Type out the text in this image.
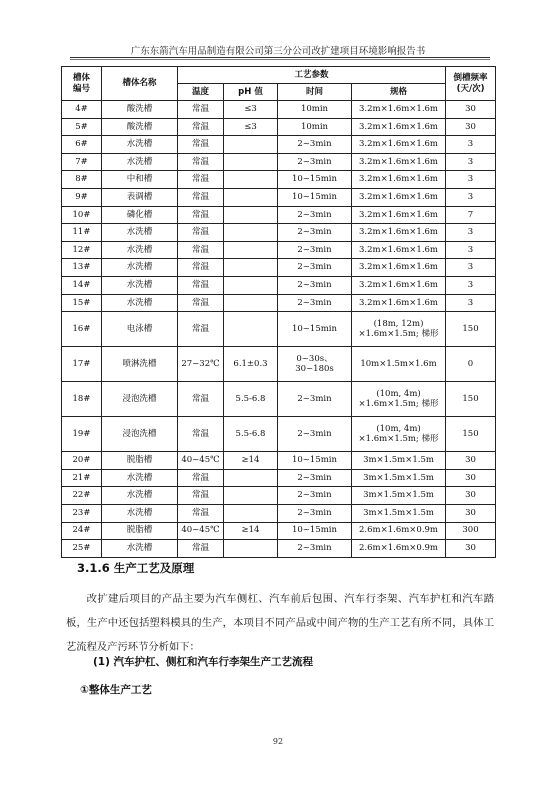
广东东箭汽车用品制造有限公司第三分公司改扩建项目环境影响报告书
槽体
编号	槽体名称	工艺参数				倒槽频率
(天/次)
		温度	pH 值	时间	规格	
4#	酸洗槽	常温	≤3	10min	3.2m×1.6m×1.6m	30
5#	酸洗槽	常温	≤3	10min	3.2m×1.6m×1.6m	30
6#	水洗槽	常温		2~3min	3.2m×1.6m×1.6m	3
7#	水洗槽	常温		2~3min	3.2m×1.6m×1.6m	3
8#	中和槽	常温		10~15min	3.2m×1.6m×1.6m	3
9#	表调槽	常温		10~15min	3.2m×1.6m×1.6m	3
10#	磷化槽	常温		2~3min	3.2m×1.6m×1.6m	7
11#	水洗槽	常温		2~3min	3.2m×1.6m×1.6m	3
12#	水洗槽	常温		2~3min	3.2m×1.6m×1.6m	3
13#	水洗槽	常温		2~3min	3.2m×1.6m×1.6m	3
14#	水洗槽	常温		2~3min	3.2m×1.6m×1.6m	3
15#	水洗槽	常温		2~3min	3.2m×1.6m×1.6m	3
16#	电泳槽	常温		10~15min	(18m, 12m)
×1.6m×1.5m; 梯形	150
17#	喷淋洗槽	27~32℃	6.1±0.3	0~30s、
30~180s	10m×1.5m×1.6m	0
18#	浸泡洗槽	常温	5.5-6.8	2~3min	(10m, 4m)
×1.6m×1.5m; 梯形	150
19#	浸泡洗槽	常温	5.5-6.8	2~3min	(10m, 4m)
×1.6m×1.5m; 梯形	150
20#	脱脂槽	40~45℃	≥14	10~15min	3m×1.5m×1.5m	30
21#	水洗槽	常温		2~3min	3m×1.5m×1.5m	30
22#	水洗槽	常温		2~3min	3m×1.5m×1.5m	30
23#	水洗槽	常温		2~3min	3m×1.5m×1.5m	30
24#	脱脂槽	40~45℃	≥14	10~15min	2.6m×1.6m×0.9m	300
25#	水洗槽	常温		2~3min	2.6m×1.6m×0.9m	30
3.1.6 生产工艺及原理

改扩建后项目的产品主要为汽车侧杠、汽车前后包围、汽车行李架、汽车护杠和汽车踏板，生产中还包括塑料模具的生产，本项目不同产品或中间产物的生产工艺有所不同，具体工艺流程及产污环节分析如下：

(1) 汽车护杠、侧杠和汽车行李架生产工艺流程
①整体生产工艺
92
